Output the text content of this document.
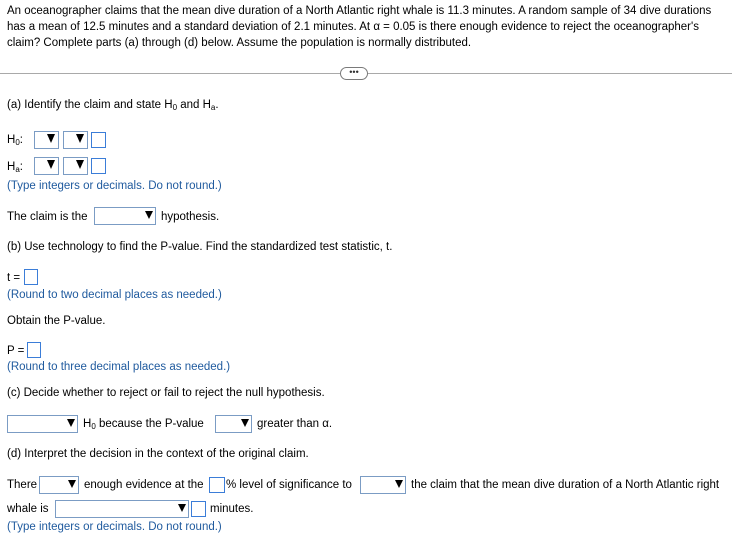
An oceanographer claims that the mean dive duration of a North Atlantic right whale is 11.3 minutes. A random sample of 34 dive durations has a mean of 12.5 minutes and a standard deviation of 2.1 minutes. At α = 0.05 is there enough evidence to reject the oceanographer's claim? Complete parts (a) through (d) below. Assume the population is normally distributed.
•••
(a) Identify the claim and state $H_0$ and $H_a$.
$H_0$:
$H_a$:
(Type integers or decimals. Do not round.)
The claim is the	hypothesis.
(b) Use technology to find the P-value. Find the standardized test statistic, t.
t =
(Round to two decimal places as needed.)
Obtain the P-value.
P =
(Round to three decimal places as needed.)
(c) Decide whether to reject or fail to reject the null hypothesis.
$H_0$ because the P-value	greater than α.
(d) Interpret the decision in the context of the original claim.
There	enough evidence at the % level of significance to	the claim that the mean dive duration of a North Atlantic right
whale is	minutes.
(Type integers or decimals. Do not round.)
